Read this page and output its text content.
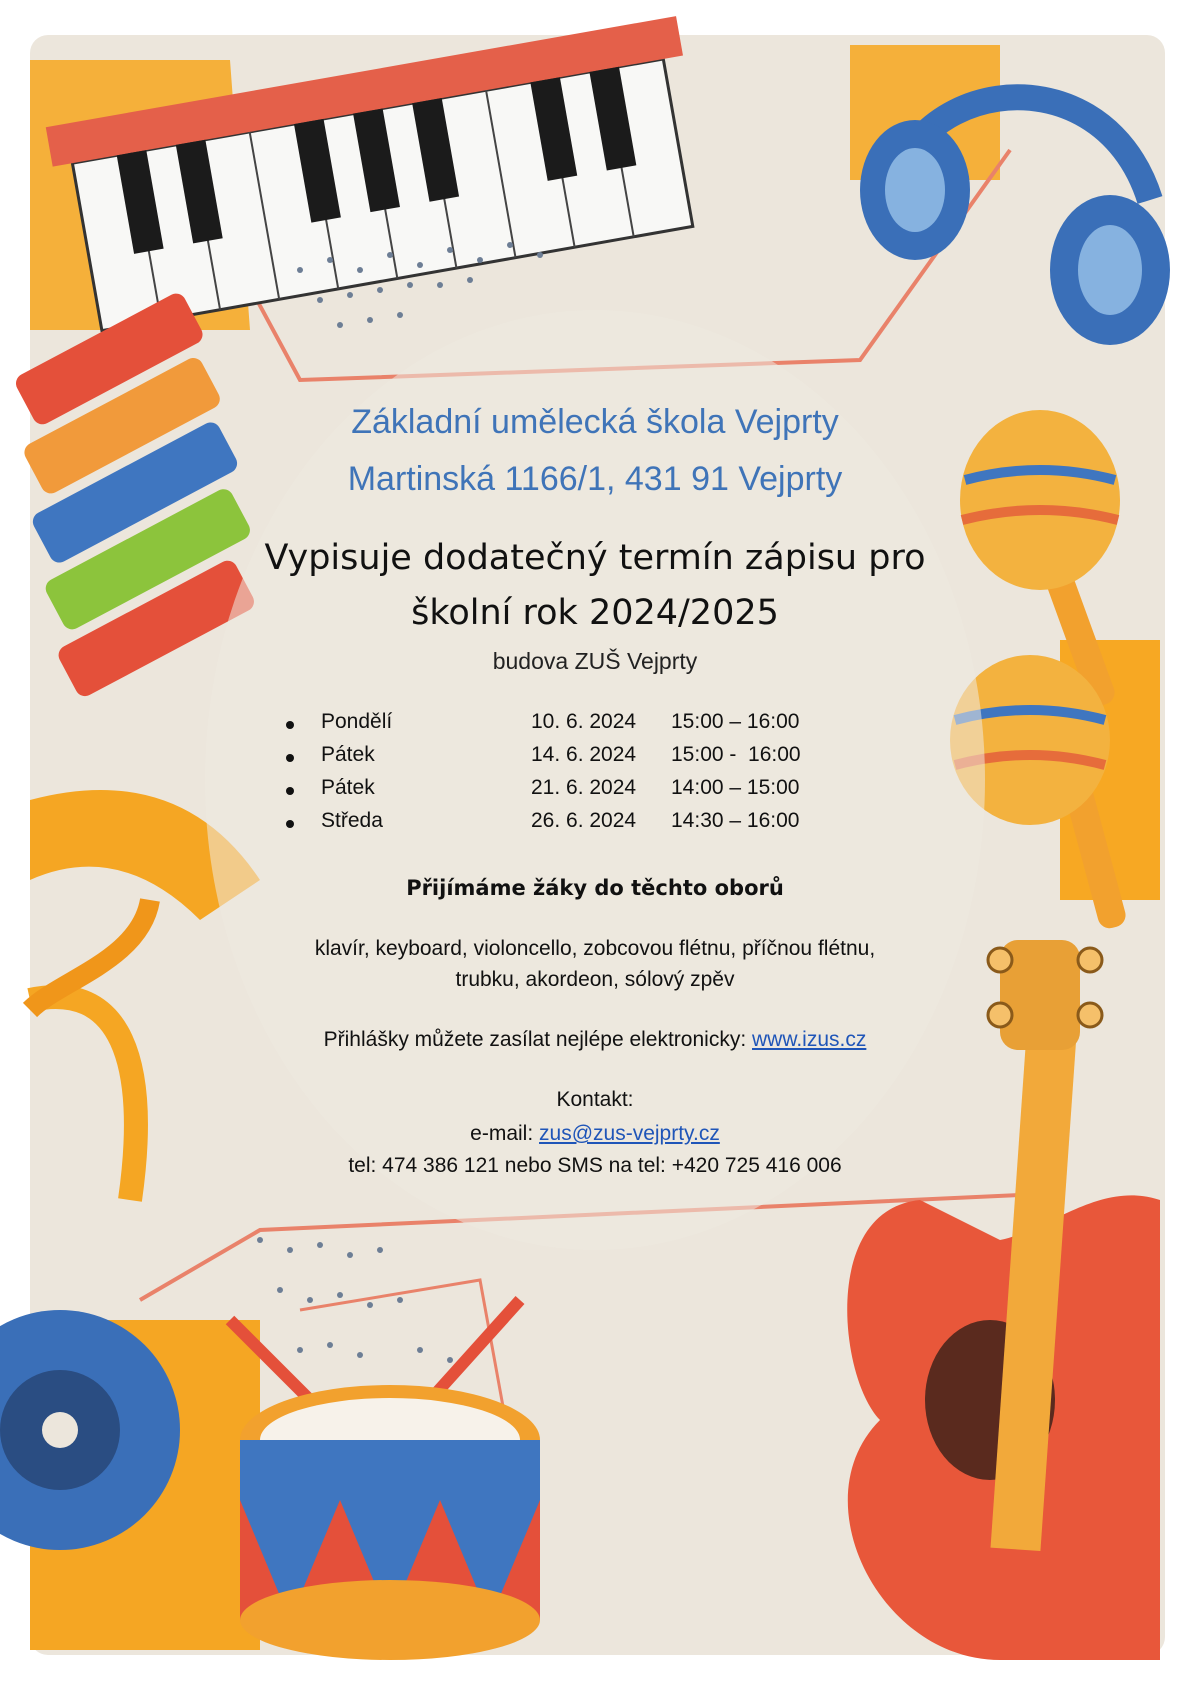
Základní umělecká škola Vejprty
Martinská 1166/1, 431 91 Vejprty
Vypisuje dodatečný termín zápisu pro
školní rok 2024/2025
budova ZUŠ Vejprty
Pondělí	10. 6. 2024 15:00 – 16:00
Pátek	14. 6. 2024 15:00 -  16:00
Pátek	21. 6. 2024 14:00 – 15:00
Středa	26. 6. 2024 14:30 – 16:00
Přijímáme žáky do těchto oborů
klavír, keyboard, violoncello, zobcovou flétnu, příčnou flétnu,
trubku, akordeon, sólový zpěv
Přihlášky můžete zasílat nejlépe elektronicky: www.izus.cz
Kontakt:
e-mail: zus@zus-vejprty.cz
tel: 474 386 121 nebo SMS na tel: +420 725 416 006
